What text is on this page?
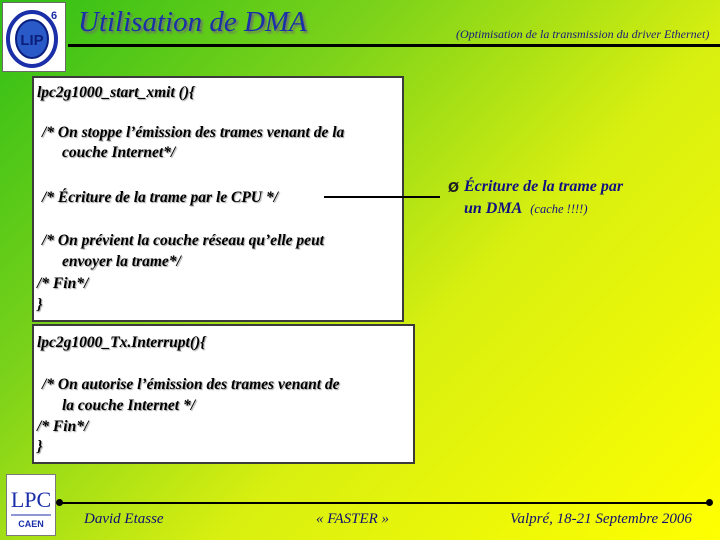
LIP
6 Utilisation de DMA	(Optimisation de la transmission du driver Ethernet)
lpc2g1000_start_xmit (){
/* On stoppe l’émission des trames venant de la
couche Internet*/
/* Écriture de la trame par le CPU */
/* On prévient la couche réseau qu’elle peut
envoyer la trame*/
/* Fin*/
}
lpc2g1000_Tx.Interrupt(){
/* On autorise l’émission des trames venant de
la couche Internet */
/* Fin*/
}
Ø Écriture de la trame par
un DMA (cache !!!!)
LPC
CAEN	David Etasse	« FASTER »	Valpré, 18-21 Septembre 2006
